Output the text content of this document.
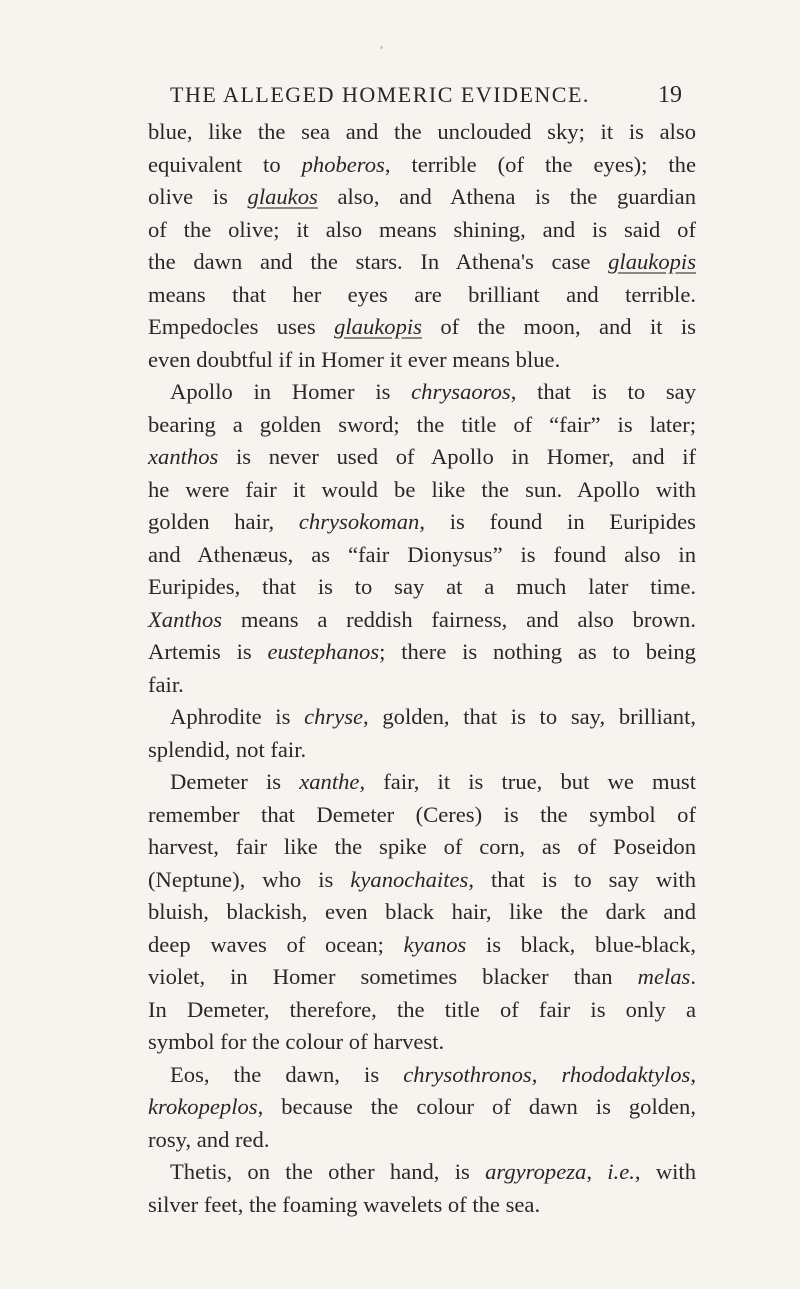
THE ALLEGED HOMERIC EVIDENCE.	19
blue, like the sea and the unclouded sky; it is also
equivalent to phoberos, terrible (of the eyes); the
olive is glaukos also, and Athena is the guardian
of the olive; it also means shining, and is said of
the dawn and the stars. In Athena's case glaukopis
means that her eyes are brilliant and terrible.
Empedocles uses glaukopis of the moon, and it is
even doubtful if in Homer it ever means blue.
Apollo in Homer is chrysaoros, that is to say
bearing a golden sword; the title of “fair” is later;
xanthos is never used of Apollo in Homer, and if
he were fair it would be like the sun. Apollo with
golden hair, chrysokoman, is found in Euripides
and Athenæus, as “fair Dionysus” is found also in
Euripides, that is to say at a much later time.
Xanthos means a reddish fairness, and also brown.
Artemis is eustephanos; there is nothing as to being
fair.
Aphrodite is chryse, golden, that is to say, brilliant,
splendid, not fair.
Demeter is xanthe, fair, it is true, but we must
remember that Demeter (Ceres) is the symbol of
harvest, fair like the spike of corn, as of Poseidon
(Neptune), who is kyanochaites, that is to say with
bluish, blackish, even black hair, like the dark and
deep waves of ocean; kyanos is black, blue-black,
violet, in Homer sometimes blacker than melas.
In Demeter, therefore, the title of fair is only a
symbol for the colour of harvest.
Eos, the dawn, is chrysothronos, rhododaktylos,
krokopeplos, because the colour of dawn is golden,
rosy, and red.
Thetis, on the other hand, is argyropeza, i.e., with
silver feet, the foaming wavelets of the sea.
